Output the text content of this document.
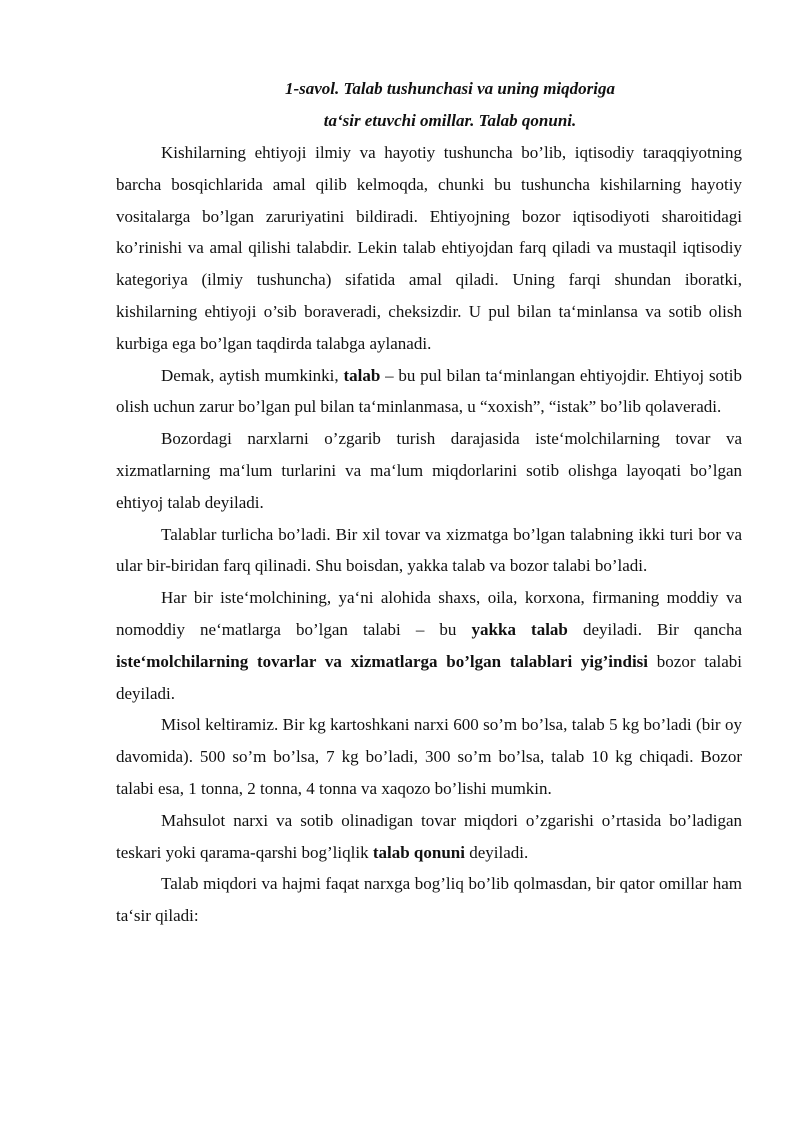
1-savol. Talab tushunchasi va uning miqdoriga
ta‘sir etuvchi omillar. Talab qonuni.

Kishilarning ehtiyoji ilmiy va hayotiy tushuncha bo’lib, iqtisodiy taraqqiyotning barcha bosqichlarida amal qilib kelmoqda, chunki bu tushuncha kishilarning hayotiy vositalarga bo’lgan zaruriyatini bildiradi. Ehtiyojning bozor iqtisodiyoti sharoitidagi ko’rinishi va amal qilishi talabdir. Lekin talab ehtiyojdan farq qiladi va mustaqil iqtisodiy kategoriya (ilmiy tushuncha) sifatida amal qiladi. Uning farqi shundan iboratki, kishilarning ehtiyoji o’sib boraveradi, cheksizdir. U pul bilan ta‘minlansa va sotib olish kurbiga ega bo’lgan taqdirda talabga aylanadi.

Demak, aytish mumkinki, talab – bu pul bilan ta‘minlangan ehtiyojdir. Ehtiyoj sotib olish uchun zarur bo’lgan pul bilan ta‘minlanmasa, u “xoxish”, “istak” bo’lib qolaveradi.

Bozordagi narxlarni o’zgarib turish darajasida iste‘molchilarning tovar va xizmatlarning ma‘lum turlarini va ma‘lum miqdorlarini sotib olishga layoqati bo’lgan ehtiyoj talab deyiladi.

Talablar turlicha bo’ladi. Bir xil tovar va xizmatga bo’lgan talabning ikki turi bor va ular bir-biridan farq qilinadi. Shu boisdan, yakka talab va bozor talabi bo’ladi.

Har bir iste‘molchining, ya‘ni alohida shaxs, oila, korxona, firmaning moddiy va nomoddiy ne‘matlarga bo’lgan talabi – bu yakka talab deyiladi. Bir qancha iste‘molchilarning tovarlar va xizmatlarga bo’lgan talablari yig’indisi bozor talabi deyiladi.

Misol keltiramiz. Bir kg kartoshkani narxi 600 so’m bo’lsa, talab 5 kg bo’ladi (bir oy davomida). 500 so’m bo’lsa, 7 kg bo’ladi, 300 so’m bo’lsa, talab 10 kg chiqadi. Bozor talabi esa, 1 tonna, 2 tonna, 4 tonna va xaqozo bo’lishi mumkin.

Mahsulot narxi va sotib olinadigan tovar miqdori o’zgarishi o’rtasida bo’ladigan teskari yoki qarama-qarshi bog’liqlik talab qonuni deyiladi.

Talab miqdori va hajmi faqat narxga bog’liq bo’lib qolmasdan, bir qator omillar ham ta‘sir qiladi:
